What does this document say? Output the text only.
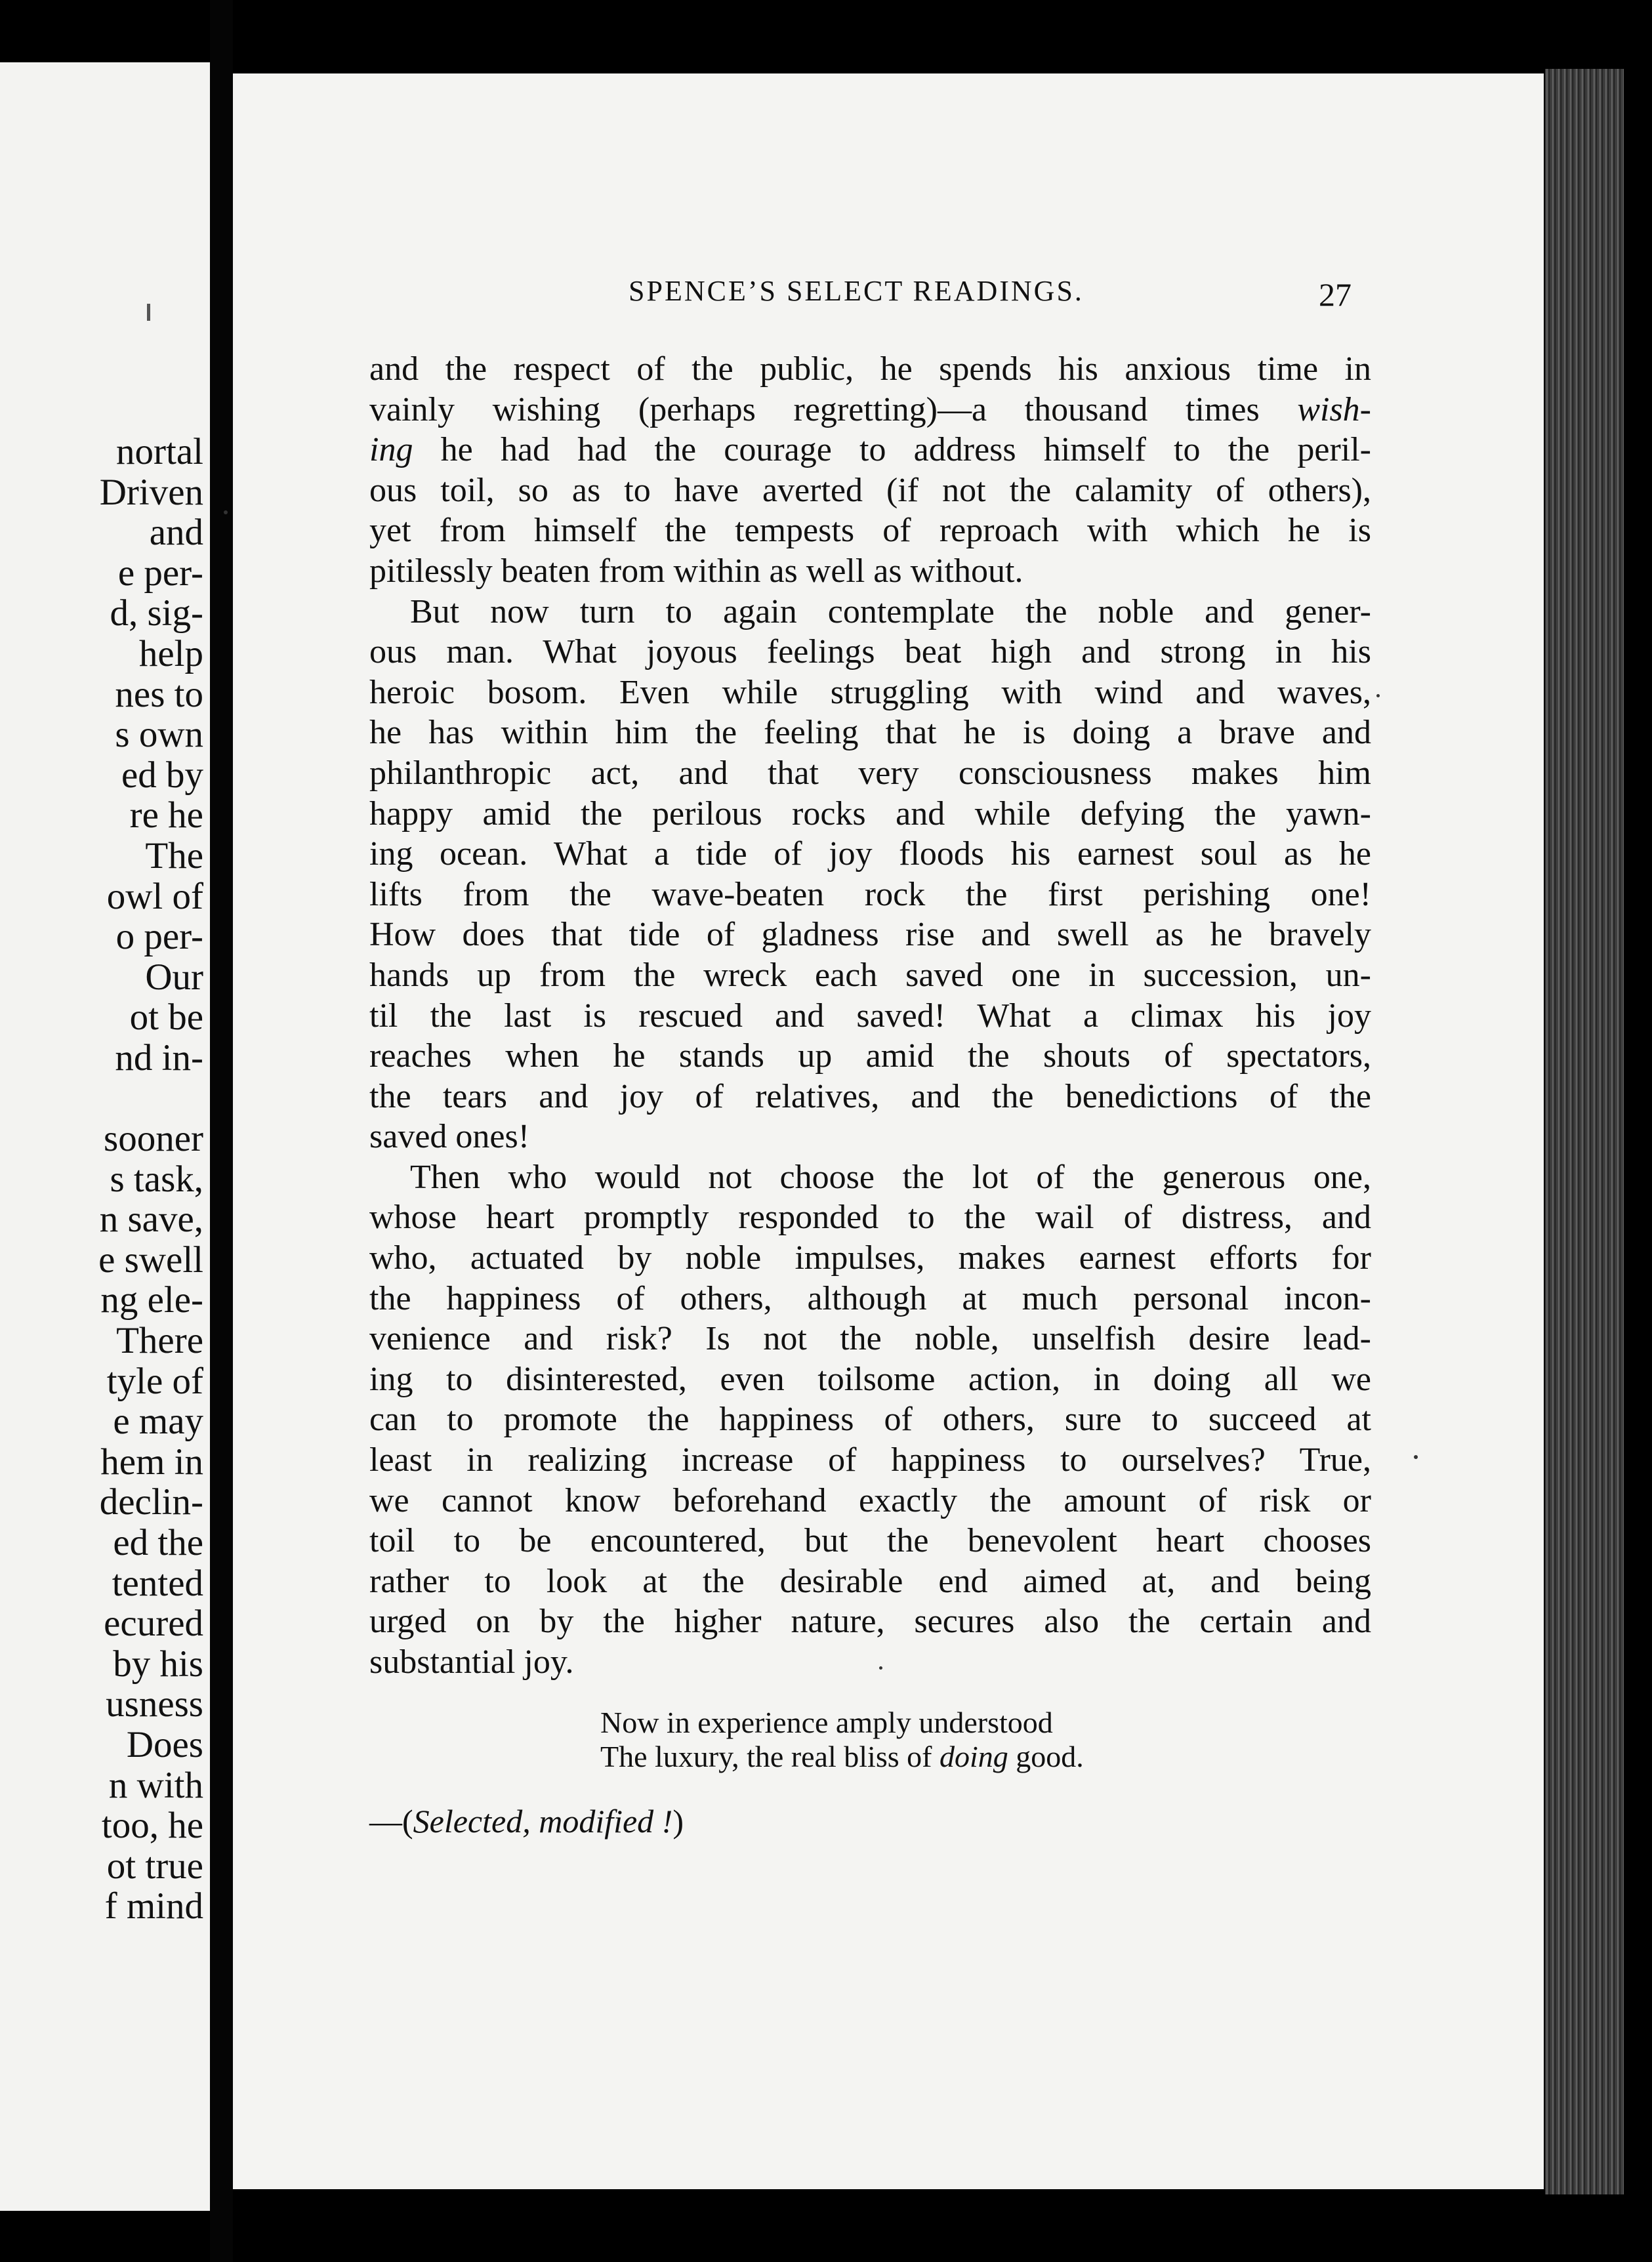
nortal
Driven
and
e per-
d, sig-
help
nes to
s own
ed by
re he
The
owl of
o per-
Our
ot be
nd in-
sooner
s task,
n save,
e swell
ng ele-
There
tyle of
e may
hem in
declin-
ed the
tented
ecured
by his
usness
Does
n with
too, he
ot true
f mind
SPENCE’S SELECT READINGS.	27
and the respect of the public, he spends his anxious time in
vainly wishing (perhaps regretting)—a thousand times wish-
ing he had had the courage to address himself to the peril-
ous toil, so as to have averted (if not the calamity of others),
yet from himself the tempests of reproach with which he is
pitilessly beaten from within as well as without.
But now turn to again contemplate the noble and gener-
ous man. What joyous feelings beat high and strong in his
heroic bosom. Even while struggling with wind and waves,
he has within him the feeling that he is doing a brave and
philanthropic act, and that very consciousness makes him
happy amid the perilous rocks and while defying the yawn-
ing ocean. What a tide of joy floods his earnest soul as he
lifts from the wave-beaten rock the first perishing one!
How does that tide of gladness rise and swell as he bravely
hands up from the wreck each saved one in succession, un-
til the last is rescued and saved! What a climax his joy
reaches when he stands up amid the shouts of spectators,
the tears and joy of relatives, and the benedictions of the
saved ones!
Then who would not choose the lot of the generous one,
whose heart promptly responded to the wail of distress, and
who, actuated by noble impulses, makes earnest efforts for
the happiness of others, although at much personal incon-
venience and risk? Is not the noble, unselfish desire lead-
ing to disinterested, even toilsome action, in doing all we
can to promote the happiness of others, sure to succeed at
least in realizing increase of happiness to ourselves? True,
we cannot know beforehand exactly the amount of risk or
toil to be encountered, but the benevolent heart chooses
rather to look at the desirable end aimed at, and being
urged on by the higher nature, secures also the certain and
substantial joy.
Now in experience amply understood
The luxury, the real bliss of doing good.
—(Selected, modified !)
